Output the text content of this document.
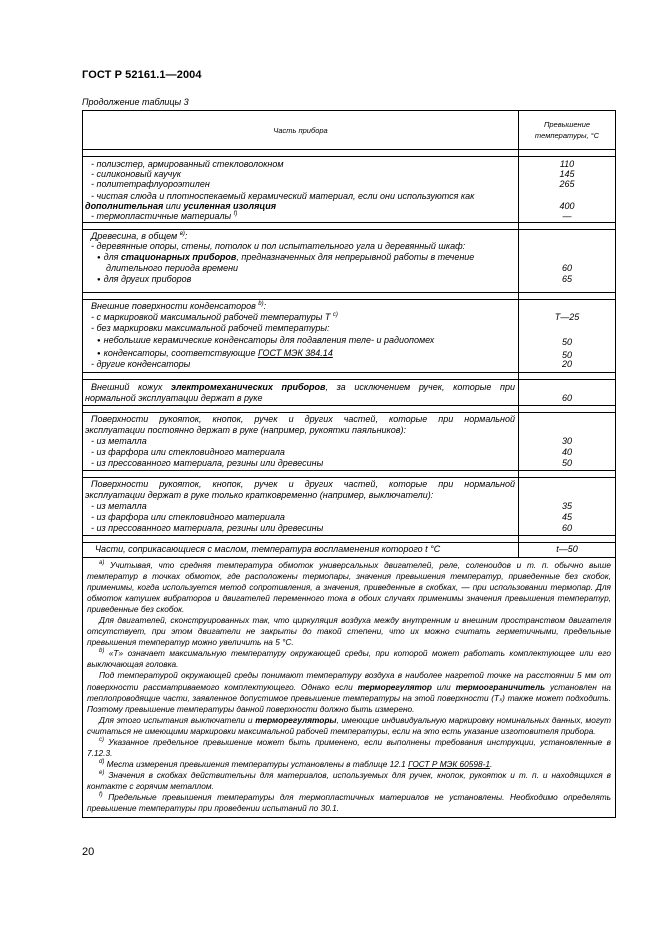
ГОСТ Р 52161.1—2004
Продолжение таблицы 3
Часть прибора
Превышение
температуры, °С
- полиэстер, армированный стекловолокном
- силиконовый каучук
- политетрафлуороэтилен
- чистая слюда и плотноспекаемый керамический материал, если они используются как
дополнительная или усиленная изоляция
- термопластичные материалы $^{f)}$
110
145
265
400
—
Древесина, в общем $^{в)}$:
- деревянные опоры, стены, потолок и пол испытательного угла и деревянный шкаф:
● для стационарных приборов, предназначенных для непрерывной работы в течение
длительного периода времени
● для других приборов
60
65
Внешние поверхности конденсаторов $^{b)}$:
- с маркировкой максимальной рабочей температуры Т $^{с)}$
- без маркировки максимальной рабочей температуры:
● небольшие керамические конденсаторы для подавления теле- и радиопомех
● конденсаторы, соответствующие ГОСТ МЭК 384.14
- другие конденсаторы
Т—25
50
50
20
Внешний кожух электромеханических приборов, за исключением ручек, которые при
нормальной эксплуатации держат в руке	60
Поверхности рукояток, кнопок, ручек и других частей, которые при нормальной
эксплуатации постоянно держат в руке (например, рукоятки паяльников):
- из металла
- из фарфора или стекловидного материала
- из прессованного материала, резины или древесины
30
40
50
Поверхности рукояток, кнопок, ручек и других частей, которые при нормальной
эксплуатации держат в руке только кратковременно (например, выключатели):
- из металла
- из фарфора или стекловидного материала
- из прессованного материала, резины или древесины
35
45
60
Части, соприкасающиеся с маслом, температура воспламенения которого t °С	t—50

$^{а)}$ Учитывая, что средняя температура обмоток универсальных двигателей, реле, соленоидов и т. п. обычно выше температур в точках обмоток, где расположены термопары, значения превышения температур, приведенные без скобок, применимы, когда используется метод сопротивления, а значения, приведенные в скобках, — при использовании термопар. Для обмоток катушек вибраторов и двигателей переменного тока в обоих случаях применимы значения превышения температур, приведенные без скобок.

Для двигателей, сконструированных так, что циркуляция воздуха между внутренним и внешним пространством двигателя отсутствует, при этом двигатели не закрыты до такой степени, что их можно считать герметичными, предельные превышения температур можно увеличить на 5 °С.

$^{b)}$ «Т» означает максимальную температуру окружающей среды, при которой может работать комплектующее или его выключающая головка.

Под температурой окружающей среды понимают температуру воздуха в наиболее нагретой точке на расстоянии 5 мм от поверхности рассматриваемого комплектующего. Однако если терморегулятор или термоограничитель установлен на теплопроводящие части, заявленное допустимое превышение температуры на этой поверхности (Tₛ) также может подходить. Поэтому превышение температуры данной поверхности должно быть измерено.

Для этого испытания выключатели и терморегуляторы, имеющие индивидуальную маркировку номинальных данных, могут считаться не имеющими маркировки максимальной рабочей температуры, если на это есть указание изготовителя прибора.

$^{c)}$ Указанное предельное превышение может быть применено, если выполнены требования инструкции, установленные в 7.12.3.

$^{d)}$ Места измерения превышения температуры установлены в таблице 12.1 ГОСТ Р МЭК 60598-1.

$^{e)}$ Значения в скобках действительны для материалов, используемых для ручек, кнопок, рукояток и т. п. и находящихся в контакте с горячим металлом.

$^{f)}$ Предельные превышения температуры для термопластичных материалов не установлены. Необходимо определять превышение температуры при проведении испытаний по 30.1.

20
